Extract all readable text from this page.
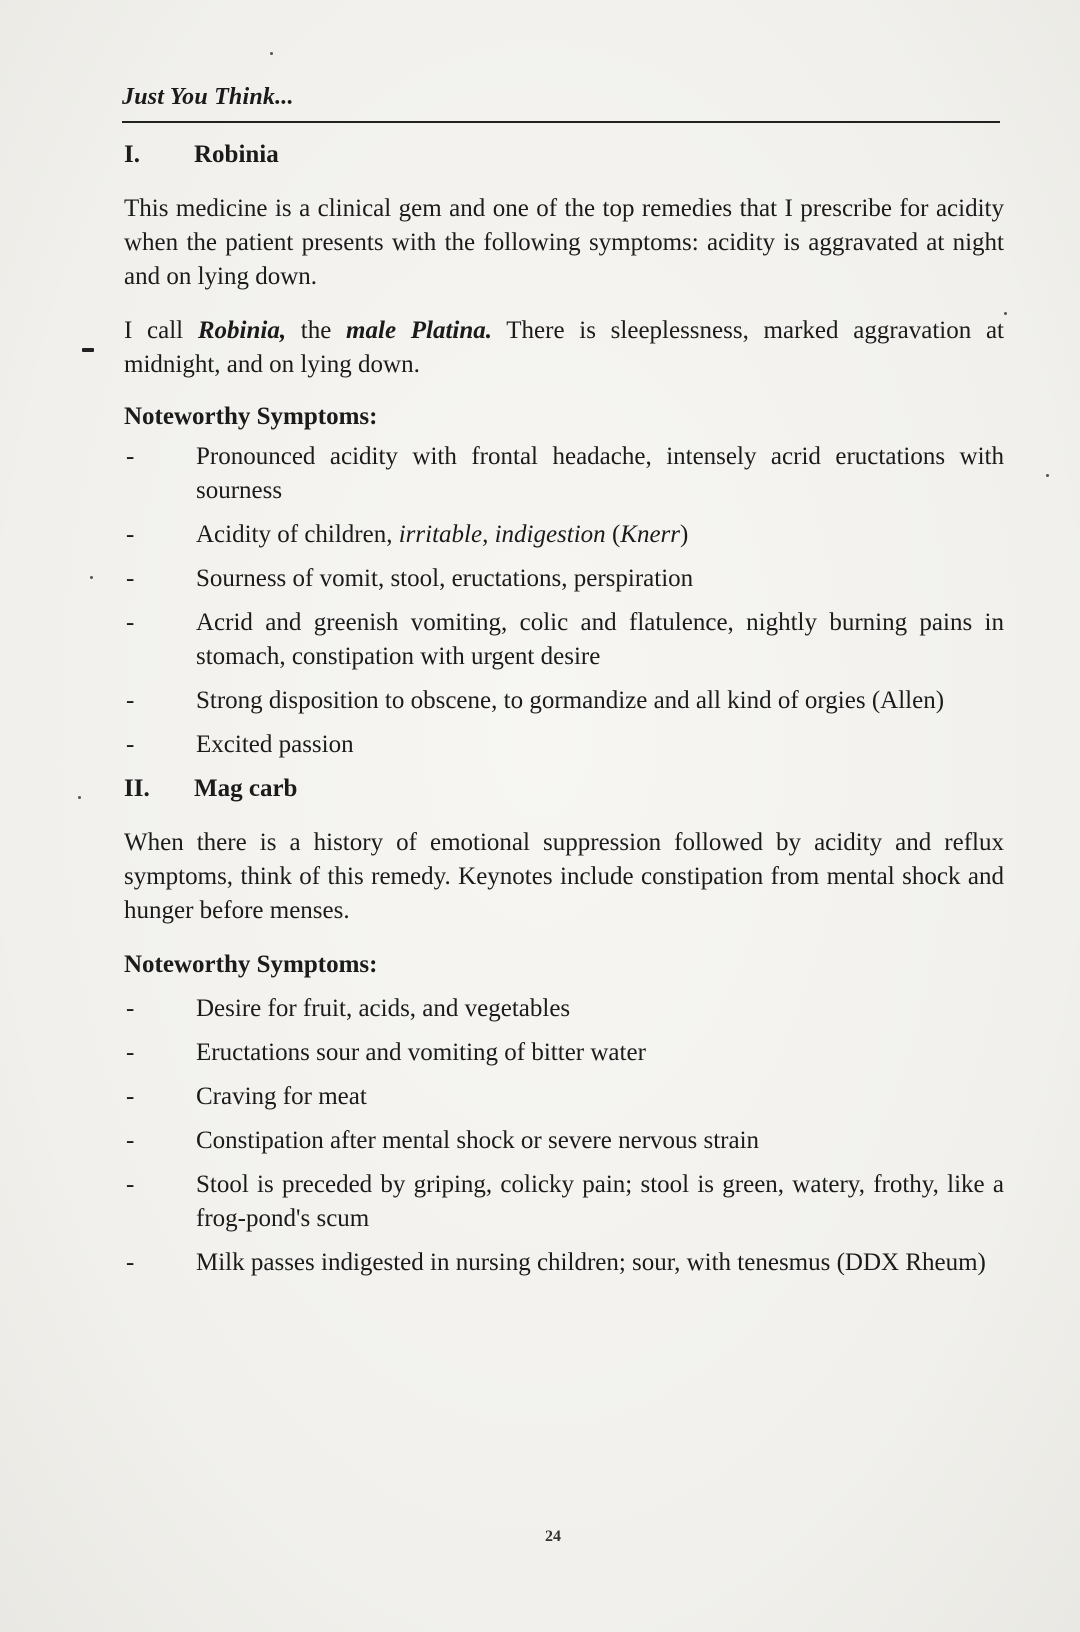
Just You Think...
I.	Robinia

This medicine is a clinical gem and one of the top remedies that I prescribe for acidity when the patient presents with the following symptoms: acidity is aggravated at night and on lying down.

I call Robinia, the male Platina. There is sleeplessness, marked aggravation at midnight, and on lying down.

Noteworthy Symptoms:

-	Pronounced acidity with frontal headache, intensely acrid eructations with sourness
-	Acidity of children, irritable, indigestion (Knerr)
-	Sourness of vomit, stool, eructations, perspiration
-	Acrid and greenish vomiting, colic and flatulence, nightly burning pains in stomach, constipation with urgent desire
-	Strong disposition to obscene, to gormandize and all kind of orgies (Allen)
-	Excited passion
II.	Mag carb

When there is a history of emotional suppression followed by acidity and reflux symptoms, think of this remedy. Keynotes include constipation from mental shock and hunger before menses.

Noteworthy Symptoms:

-	Desire for fruit, acids, and vegetables
-	Eructations sour and vomiting of bitter water
-	Craving for meat
-	Constipation after mental shock or severe nervous strain
-	Stool is preceded by griping, colicky pain; stool is green, watery, frothy, like a frog-pond's scum
-	Milk passes indigested in nursing children; sour, with tenesmus (DDX Rheum)
24
